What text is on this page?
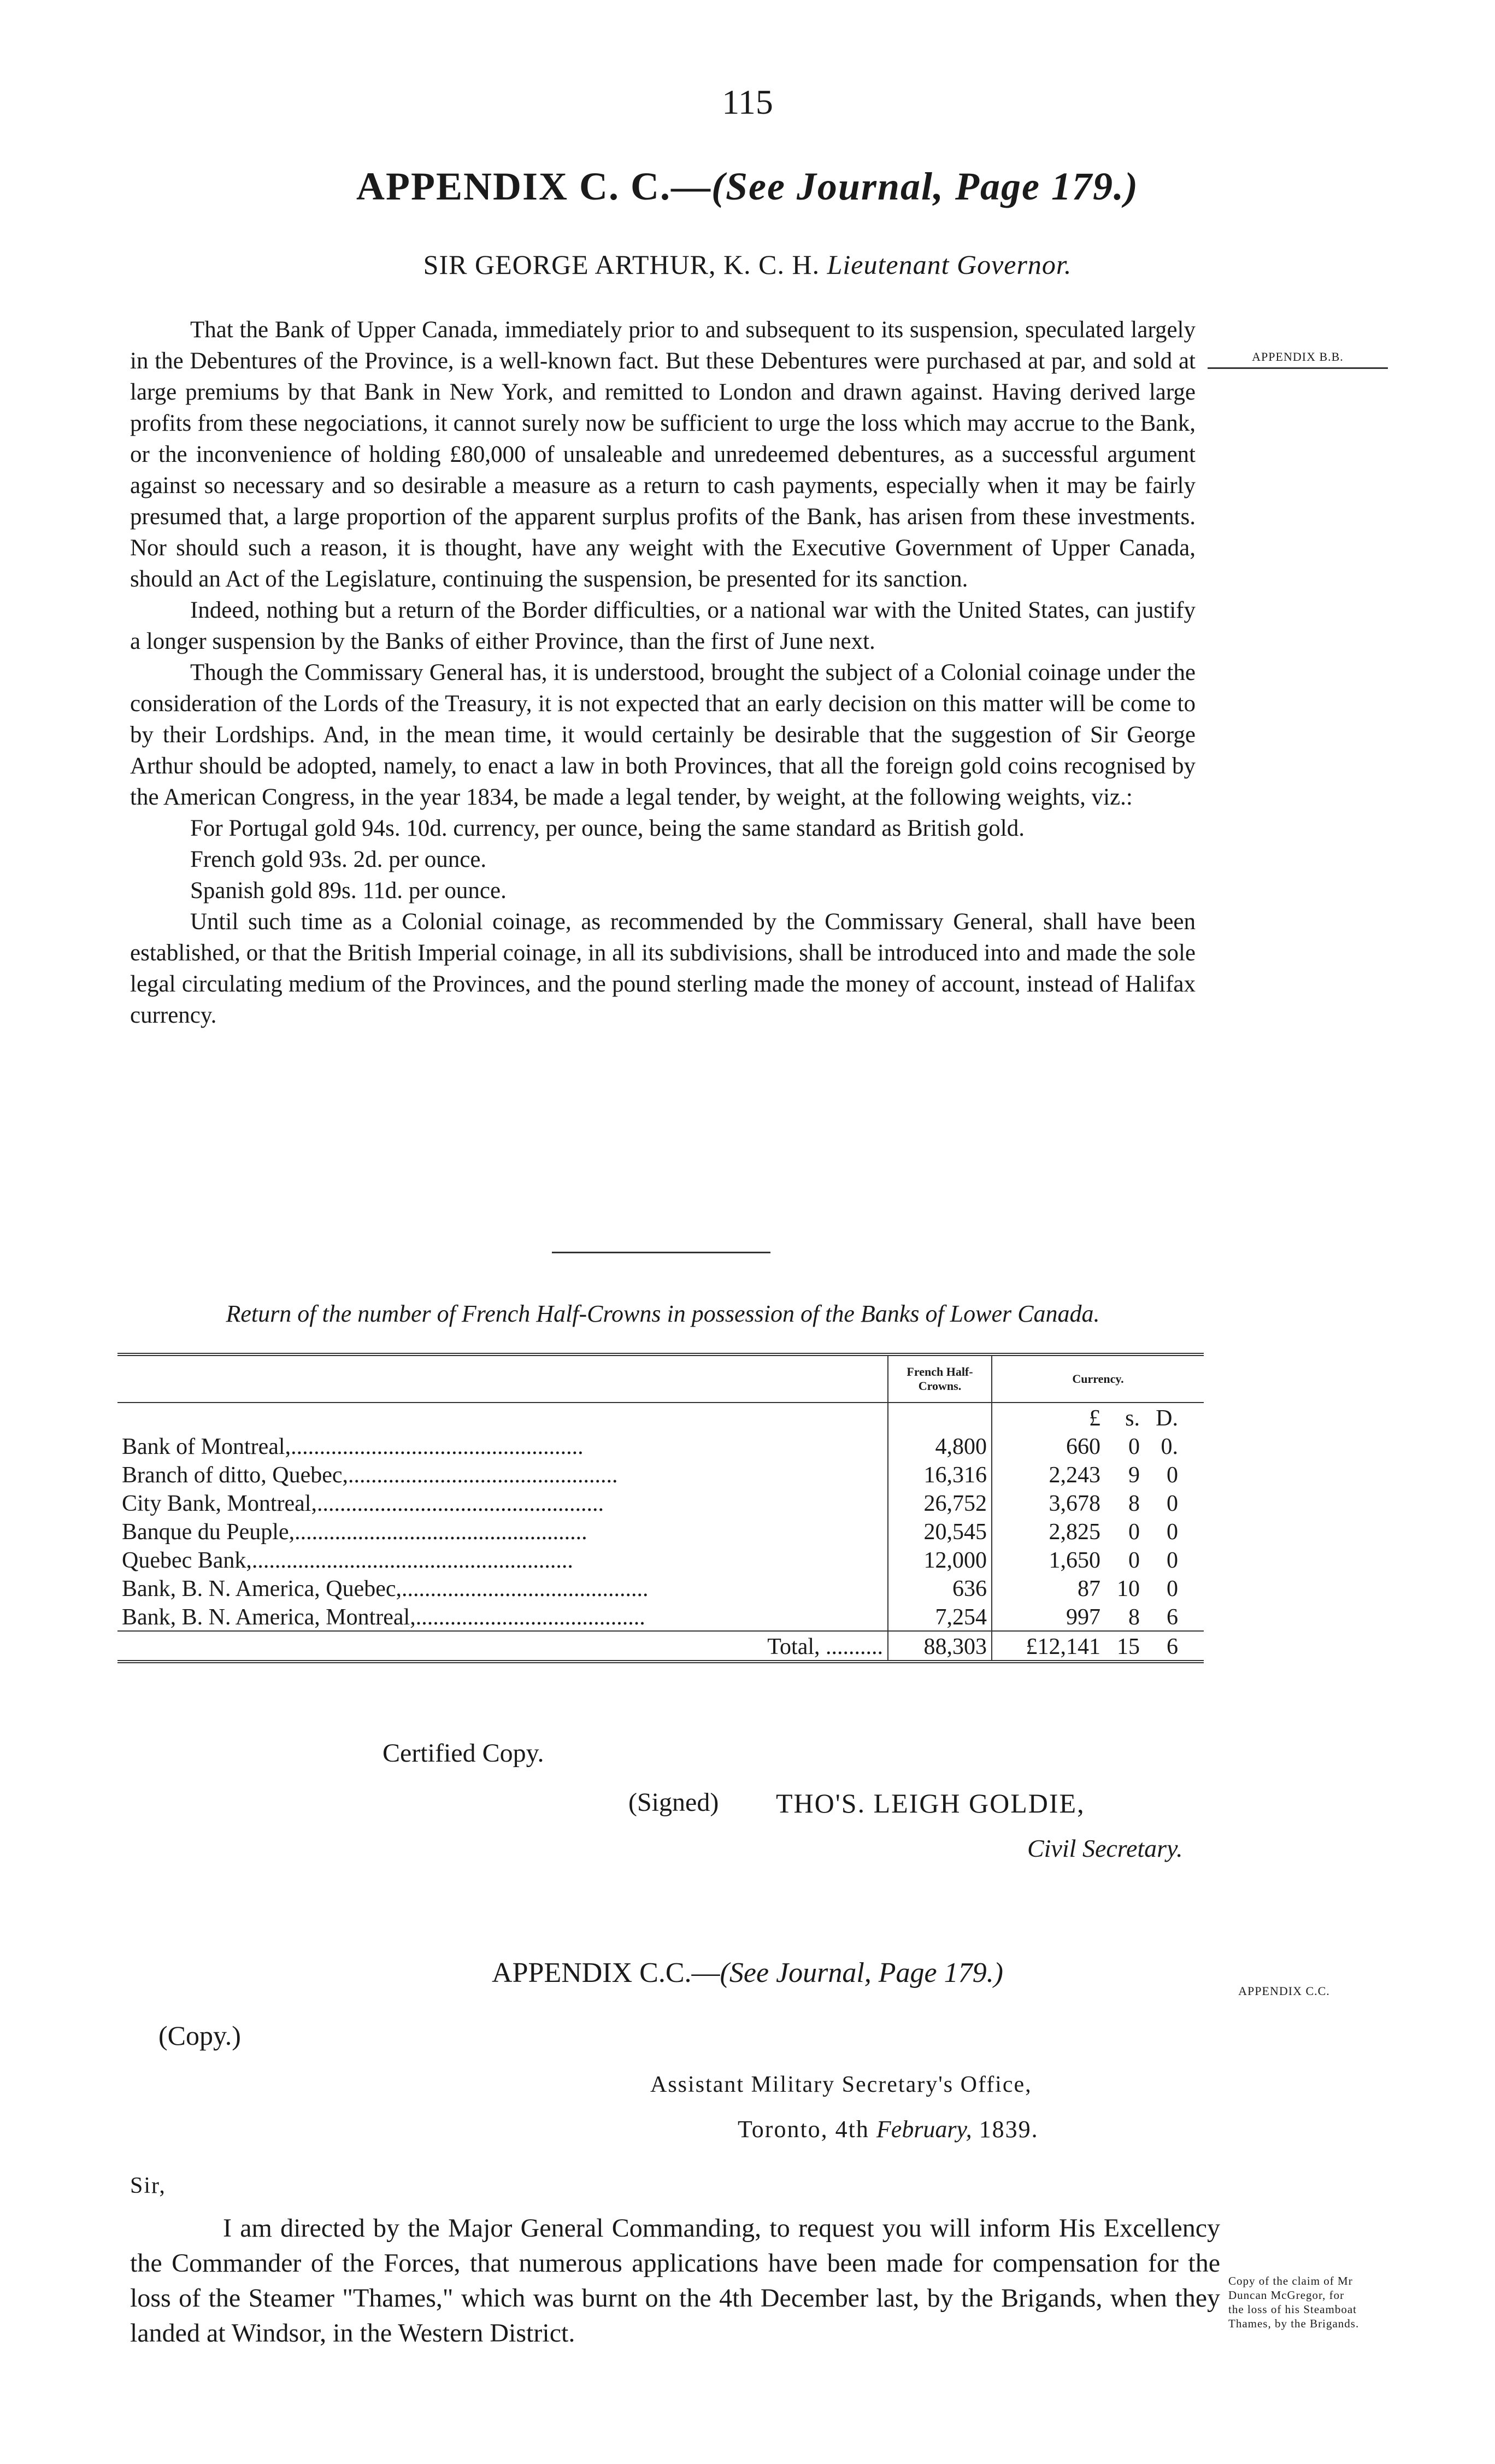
115
APPENDIX C. C.—(See Journal, Page 179.)
SIR GEORGE ARTHUR, K. C. H. Lieutenant Governor.
APPENDIX B.B.

That the Bank of Upper Canada, immediately prior to and subsequent to its suspension, speculated largely in the Debentures of the Province, is a well-known fact. But these Debentures were purchased at par, and sold at large premiums by that Bank in New York, and remitted to London and drawn against. Having derived large profits from these negociations, it cannot surely now be sufficient to urge the loss which may accrue to the Bank, or the inconvenience of holding £80,000 of unsaleable and unredeemed debentures, as a successful argument against so necessary and so desirable a measure as a return to cash payments, especially when it may be fairly presumed that, a large proportion of the apparent surplus profits of the Bank, has arisen from these investments. Nor should such a reason, it is thought, have any weight with the Executive Government of Upper Canada, should an Act of the Legislature, continuing the suspension, be presented for its sanction.

Indeed, nothing but a return of the Border difficulties, or a national war with the United States, can justify a longer suspension by the Banks of either Province, than the first of June next.

Though the Commissary General has, it is understood, brought the subject of a Colonial coinage under the consideration of the Lords of the Treasury, it is not expected that an early decision on this matter will be come to by their Lordships. And, in the mean time, it would certainly be desirable that the suggestion of Sir George Arthur should be adopted, namely, to enact a law in both Provinces, that all the foreign gold coins recognised by the American Congress, in the year 1834, be made a legal tender, by weight, at the following weights, viz.:

For Portugal gold 94s. 10d. currency, per ounce, being the same standard as British gold.

French gold 93s. 2d. per ounce.

Spanish gold 89s. 11d. per ounce.

Until such time as a Colonial coinage, as recommended by the Commissary General, shall have been established, or that the British Imperial coinage, in all its subdivisions, shall be introduced into and made the sole legal circulating medium of the Provinces, and the pound sterling made the money of account, instead of Halifax currency.

Return of the number of French Half-Crowns in possession of the Banks of Lower Canada.
	French Half-Crowns.	Currency.
		£ s. D.
Bank of Montreal,...................................................	4,800	660 0 0.
Branch of ditto, Quebec,...............................................	16,316	2,243 9 0
City Bank, Montreal,..................................................	26,752	3,678 8 0
Banque du Peuple,...................................................	20,545	2,825 0 0
Quebec Bank,........................................................	12,000	1,650 0 0
Bank, B. N. America, Quebec,...........................................	636	87 10 0
Bank, B. N. America, Montreal,........................................	7,254	997 8 6
Total, ..........	88,303	£12,141 15 6
Certified Copy.
(Signed) THO'S. LEIGH GOLDIE,
Civil Secretary.
APPENDIX C.C.—(See Journal, Page 179.)
APPENDIX C.C.
(Copy.)
Assistant Military Secretary's Office,
Toronto, 4th February, 1839.
Sir,

I am directed by the Major General Commanding, to request you will inform His Excellency the Commander of the Forces, that numerous applications have been made for compensation for the loss of the Steamer "Thames," which was burnt on the 4th December last, by the Brigands, when they landed at Windsor, in the Western District.

Copy of the claim of Mr Duncan McGregor, for the loss of his Steamboat Thames, by the Brigands.
